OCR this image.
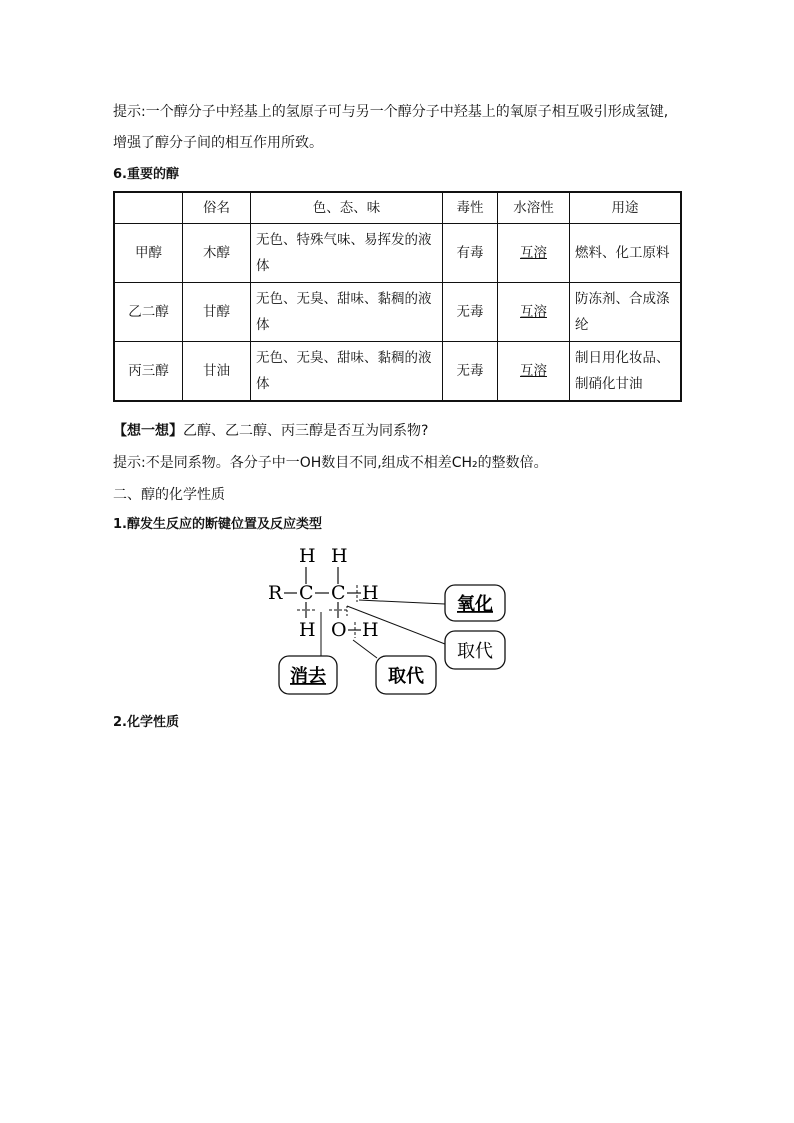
提示:一个醇分子中羟基上的氢原子可与另一个醇分子中羟基上的氧原子相互吸引形成氢键,
增强了醇分子间的相互作用所致。
6.重要的醇
	俗名	色、态、味	毒性	水溶性	用途
甲醇	木醇	无色、特殊气味、易挥发的液体	有毒	互溶	燃料、化工原料
乙二醇	甘醇	无色、无臭、甜味、黏稠的液体	无毒	互溶	防冻剂、合成涤纶
丙三醇	甘油	无色、无臭、甜味、黏稠的液体	无毒	互溶	制日用化妆品、制硝化甘油
【想一想】乙醇、乙二醇、丙三醇是否互为同系物?
提示:不是同系物。各分子中一OH数目不同,组成不相差CH₂的整数倍。
二、醇的化学性质
1.醇发生反应的断键位置及反应类型
H H
R C C H
H O H
氧化
取代
消去	取代
2.化学性质
